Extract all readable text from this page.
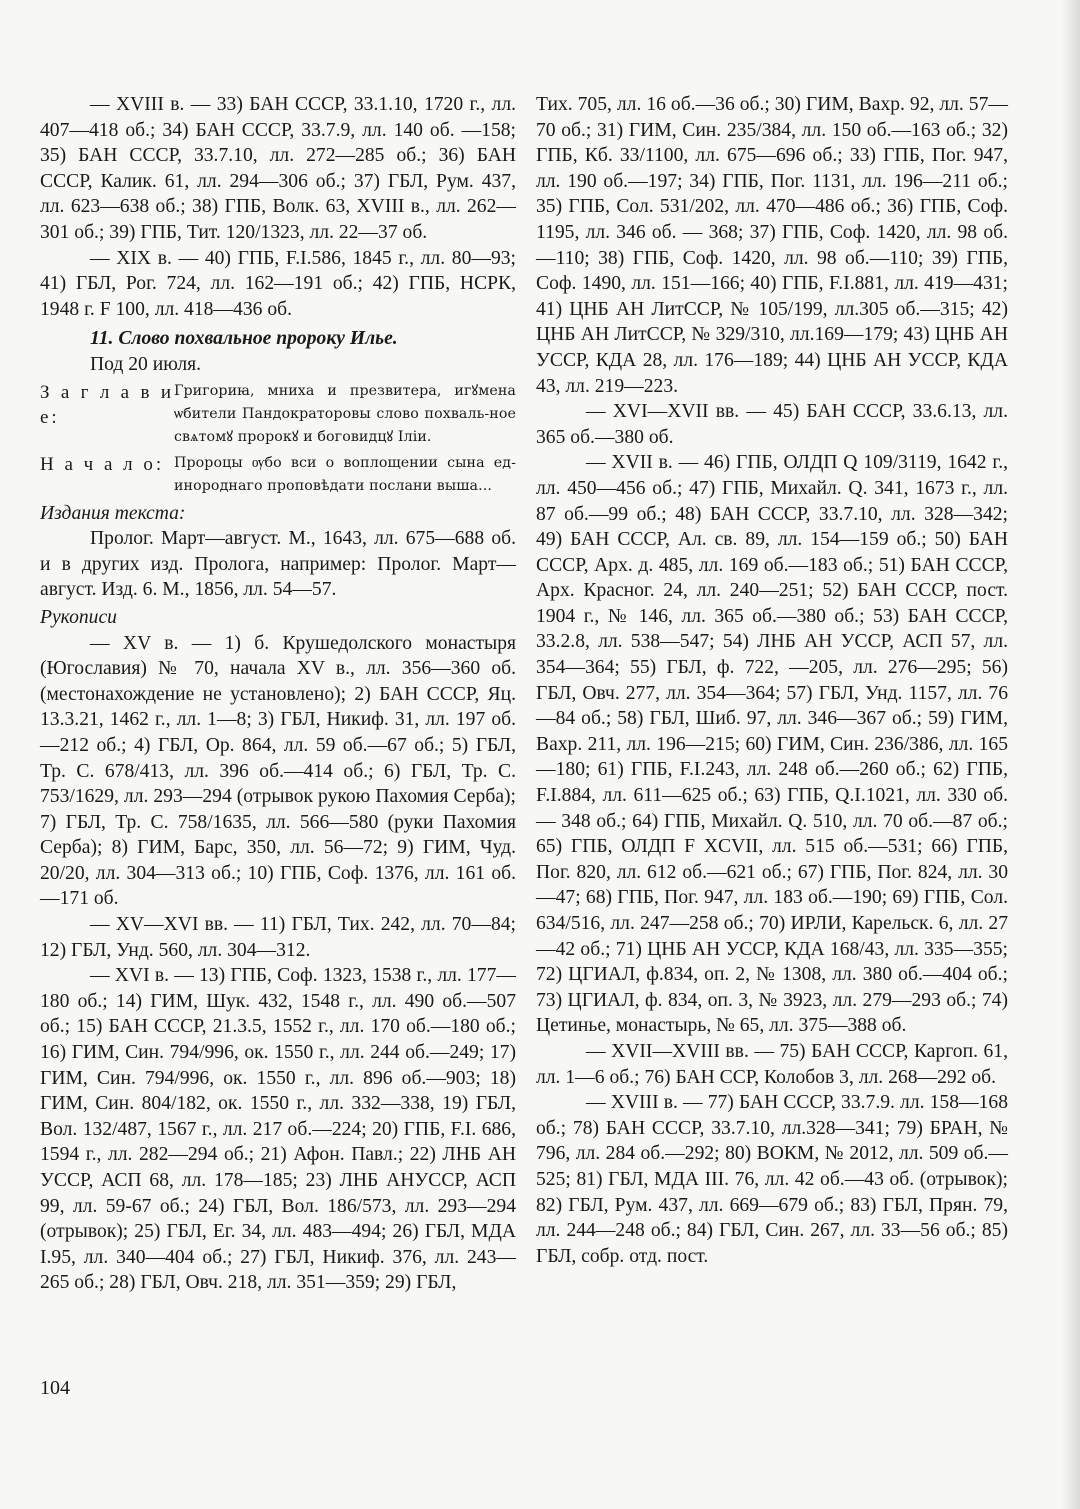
— XVIII в. — 33) БАН СССР, 33.1.10, 1720 г., лл. 407—418 об.; 34) БАН СССР, 33.7.9, лл. 140 об. —158; 35) БАН СССР, 33.7.10, лл. 272—285 об.; 36) БАН СССР, Калик. 61, лл. 294—306 об.; 37) ГБЛ, Рум. 437, лл. 623—638 об.; 38) ГПБ, Волк. 63, XVIII в., лл. 262—301 об.; 39) ГПБ, Тит. 120/1323, лл. 22—37 об.

— XIX в. — 40) ГПБ, F.I.586, 1845 г., лл. 80—93; 41) ГБЛ, Рог. 724, лл. 162—191 об.; 42) ГПБ, НСРК, 1948 г. F 100, лл. 418—436 об.

11. Слово похвальное пророку Илье.

Под 20 июля.

З а г л а в и е:
Григориꙗ, мниха и презвитера, игꙋмена ѡбители Пандократоровы слово похваль-ное свѧтомꙋ пророкꙋ и боговидцꙋ Іліи.
Н а ч а л о: Пророцы ѹбо вси о воплощении сына ед-инороднаго проповѣдати послани выша...

Издания текста:

Пролог. Март—август. М., 1643, лл. 675—688 об. и в других изд. Пролога, например: Пролог. Март—август. Изд. 6. М., 1856, лл. 54—57.

Рукописи

— XV в. — 1) б. Крушедолского монастыря (Югославия) № 70, начала XV в., лл. 356—360 об. (местонахождение не установлено); 2) БАН СССР, Яц. 13.3.21, 1462 г., лл. 1—8; 3) ГБЛ, Никиф. 31, лл. 197 об.—212 об.; 4) ГБЛ, Ор. 864, лл. 59 об.—67 об.; 5) ГБЛ, Тр. С. 678/413, лл. 396 об.—414 об.; 6) ГБЛ, Тр. С. 753/1629, лл. 293—294 (отрывок рукою Пахомия Серба); 7) ГБЛ, Тр. С. 758/1635, лл. 566—580 (руки Пахомия Серба); 8) ГИМ, Барс, 350, лл. 56—72; 9) ГИМ, Чуд. 20/20, лл. 304—313 об.; 10) ГПБ, Соф. 1376, лл. 161 об.—171 об.

— XV—XVI вв. — 11) ГБЛ, Тих. 242, лл. 70—84; 12) ГБЛ, Унд. 560, лл. 304—312.

— XVI в. — 13) ГПБ, Соф. 1323, 1538 г., лл. 177—180 об.; 14) ГИМ, Шук. 432, 1548 г., лл. 490 об.—507 об.; 15) БАН СССР, 21.3.5, 1552 г., лл. 170 об.—180 об.; 16) ГИМ, Син. 794/996, ок. 1550 г., лл. 244 об.—249; 17) ГИМ, Син. 794/996, ок. 1550 г., лл. 896 об.—903; 18) ГИМ, Син. 804/182, ок. 1550 г., лл. 332—338, 19) ГБЛ, Вол. 132/487, 1567 г., лл. 217 об.—224; 20) ГПБ, F.I. 686, 1594 г., лл. 282—294 об.; 21) Афон. Павл.; 22) ЛНБ АН УССР, АСП 68, лл. 178—185; 23) ЛНБ АНУССР, АСП 99, лл. 59-67 об.; 24) ГБЛ, Вол. 186/573, лл. 293—294 (отрывок); 25) ГБЛ, Ег. 34, лл. 483—494; 26) ГБЛ, МДА I.95, лл. 340—404 об.; 27) ГБЛ, Никиф. 376, лл. 243—265 об.; 28) ГБЛ, Овч. 218, лл. 351—359; 29) ГБЛ,

Тих. 705, лл. 16 об.—36 об.; 30) ГИМ, Вахр. 92, лл. 57—70 об.; 31) ГИМ, Син. 235/384, лл. 150 об.—163 об.; 32) ГПБ, Кб. 33/1100, лл. 675—696 об.; 33) ГПБ, Пог. 947, лл. 190 об.—197; 34) ГПБ, Пог. 1131, лл. 196—211 об.; 35) ГПБ, Сол. 531/202, лл. 470—486 об.; 36) ГПБ, Соф. 1195, лл. 346 об. — 368; 37) ГПБ, Соф. 1420, лл. 98 об.—110; 38) ГПБ, Соф. 1420, лл. 98 об.—110; 39) ГПБ, Соф. 1490, лл. 151—166; 40) ГПБ, F.I.881, лл. 419—431; 41) ЦНБ АН ЛитССР, № 105/199, лл.305 об.—315; 42) ЦНБ АН ЛитССР, № 329/310, лл.169—179; 43) ЦНБ АН УССР, КДА 28, лл. 176—189; 44) ЦНБ АН УССР, КДА 43, лл. 219—223.

— XVI—XVII вв. — 45) БАН СССР, 33.6.13, лл. 365 об.—380 об.

— XVII в. — 46) ГПБ, ОЛДП Q 109/3119, 1642 г., лл. 450—456 об.; 47) ГПБ, Михайл. Q. 341, 1673 г., лл. 87 об.—99 об.; 48) БАН СССР, 33.7.10, лл. 328—342; 49) БАН СССР, Ал. св. 89, лл. 154—159 об.; 50) БАН СССР, Арх. д. 485, лл. 169 об.—183 об.; 51) БАН СССР, Арх. Красног. 24, лл. 240—251; 52) БАН СССР, пост. 1904 г., № 146, лл. 365 об.—380 об.; 53) БАН СССР, 33.2.8, лл. 538—547; 54) ЛНБ АН УССР, АСП 57, лл. 354—364; 55) ГБЛ, ф. 722, —205, лл. 276—295; 56) ГБЛ, Овч. 277, лл. 354—364; 57) ГБЛ, Унд. 1157, лл. 76—84 об.; 58) ГБЛ, Шиб. 97, лл. 346—367 об.; 59) ГИМ, Вахр. 211, лл. 196—215; 60) ГИМ, Син. 236/386, лл. 165—180; 61) ГПБ, F.I.243, лл. 248 об.—260 об.; 62) ГПБ, F.I.884, лл. 611—625 об.; 63) ГПБ, Q.I.1021, лл. 330 об.— 348 об.; 64) ГПБ, Михайл. Q. 510, лл. 70 об.—87 об.; 65) ГПБ, ОЛДП F XCVII, лл. 515 об.—531; 66) ГПБ, Пог. 820, лл. 612 об.—621 об.; 67) ГПБ, Пог. 824, лл. 30—47; 68) ГПБ, Пог. 947, лл. 183 об.—190; 69) ГПБ, Сол. 634/516, лл. 247—258 об.; 70) ИРЛИ, Карельск. 6, лл. 27—42 об.; 71) ЦНБ АН УССР, КДА 168/43, лл. 335—355; 72) ЦГИАЛ, ф.834, оп. 2, № 1308, лл. 380 об.—404 об.; 73) ЦГИАЛ, ф. 834, оп. 3, № 3923, лл. 279—293 об.; 74) Цетинье, монастырь, № 65, лл. 375—388 об.

— XVII—XVIII вв. — 75) БАН СССР, Каргоп. 61, лл. 1—6 об.; 76) БАН ССР, Колобов 3, лл. 268—292 об.

— XVIII в. — 77) БАН СССР, 33.7.9. лл. 158—168 об.; 78) БАН СССР, 33.7.10, лл.328—341; 79) БРАН, № 796, лл. 284 об.—292; 80) ВОКМ, № 2012, лл. 509 об.—525; 81) ГБЛ, МДА III. 76, лл. 42 об.—43 об. (отрывок); 82) ГБЛ, Рум. 437, лл. 669—679 об.; 83) ГБЛ, Прян. 79, лл. 244—248 об.; 84) ГБЛ, Син. 267, лл. 33—56 об.; 85) ГБЛ, собр. отд. пост.

104
